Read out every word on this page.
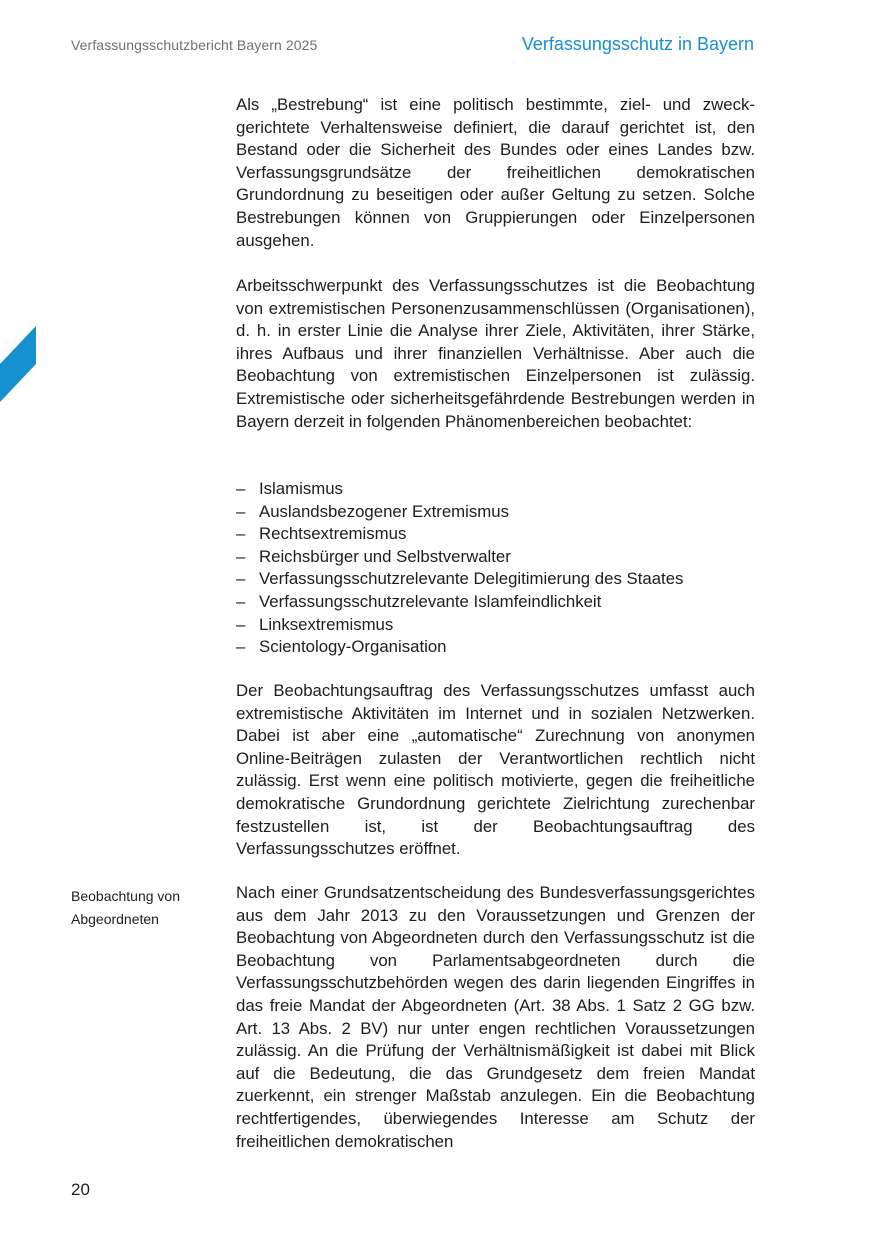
Verfassungsschutzbericht Bayern 2025	Verfassungsschutz in Bayern

Als „Bestrebung“ ist eine politisch bestimmte, ziel- und zweckgerichtete Verhaltensweise definiert, die darauf gerichtet ist, den Bestand oder die Sicherheit des Bundes oder eines Landes bzw. Verfassungsgrundsätze der freiheitlichen demokratischen Grundordnung zu beseitigen oder außer Geltung zu setzen. Solche Bestrebungen können von Gruppierungen oder Einzelpersonen ausgehen.

Arbeitsschwerpunkt des Verfassungsschutzes ist die Beobachtung von extremistischen Personenzusammenschlüssen (Organisationen), d. h. in erster Linie die Analyse ihrer Ziele, Aktivitäten, ihrer Stärke, ihres Aufbaus und ihrer finanziellen Verhältnisse. Aber auch die Beobachtung von extremistischen Einzelpersonen ist zulässig. Extremistische oder sicherheitsgefährdende Bestrebungen werden in Bayern derzeit in folgenden Phänomenbereichen beobachtet:

– Islamismus
– Auslandsbezogener Extremismus
– Rechtsextremismus
– Reichsbürger und Selbstverwalter
– Verfassungsschutzrelevante Delegitimierung des Staates
– Verfassungsschutzrelevante Islamfeindlichkeit
– Linksextremismus
– Scientology-Organisation

Der Beobachtungsauftrag des Verfassungsschutzes umfasst auch extremistische Aktivitäten im Internet und in sozialen Netzwerken. Dabei ist aber eine „automatische“ Zurechnung von anonymen Online-Beiträgen zulasten der Verantwortlichen rechtlich nicht zulässig. Erst wenn eine politisch motivierte, gegen die freiheitliche demokratische Grundordnung gerichtete Zielrichtung zurechenbar festzustellen ist, ist der Beobachtungsauftrag des Verfassungsschutzes eröffnet.

Beobachtung von
Abgeordneten

Nach einer Grundsatzentscheidung des Bundesverfassungsgerichtes aus dem Jahr 2013 zu den Voraussetzungen und Grenzen der Beobachtung von Abgeordneten durch den Verfassungsschutz ist die Beobachtung von Parlamentsabgeordneten durch die Verfassungsschutzbehörden wegen des darin liegenden Eingriffes in das freie Mandat der Abgeordneten (Art. 38 Abs. 1 Satz 2 GG bzw. Art. 13 Abs. 2 BV) nur unter engen rechtlichen Voraussetzungen zulässig. An die Prüfung der Verhältnismäßigkeit ist dabei mit Blick auf die Bedeutung, die das Grundgesetz dem freien Mandat zuerkennt, ein strenger Maßstab anzulegen. Ein die Beobachtung rechtfertigendes, überwiegendes Interesse am Schutz der freiheitlichen demokratischen

20
